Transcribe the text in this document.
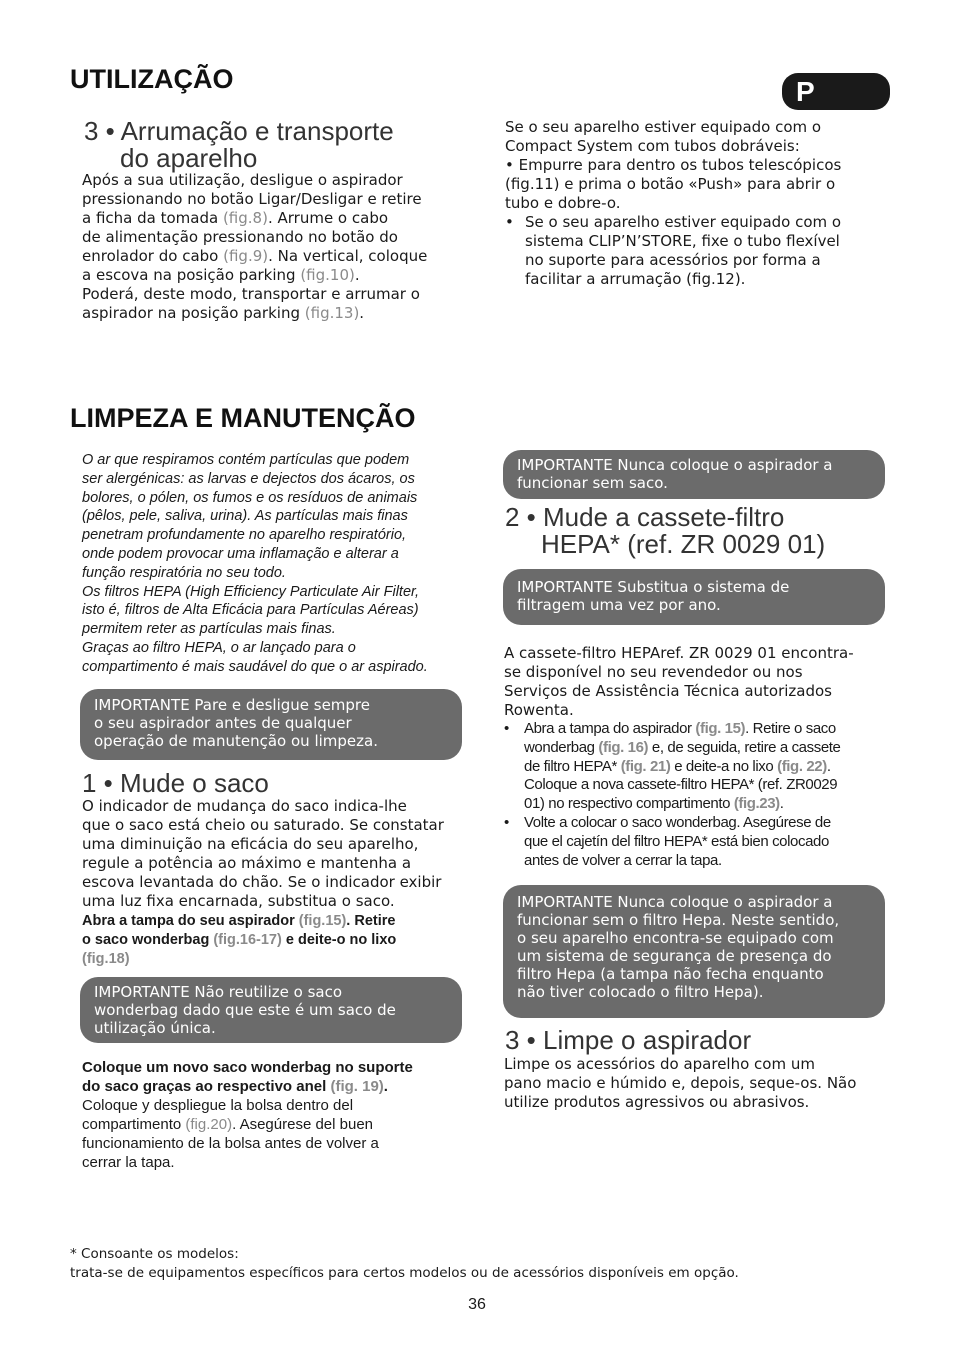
UTILIZAÇÃO	P
3 • Arrumação e transporte
do aparelho

Após a sua utilização, desligue o aspirador

pressionando no botão Ligar/Desligar e retire

a ficha da tomada (fig.8). Arrume o cabo

de alimentação pressionando no botão do

enrolador do cabo (fig.9). Na vertical, coloque

a escova na posição parking (fig.10).

Poderá, deste modo, transportar e arrumar o

aspirador na posição parking (fig.13).

Se o seu aparelho estiver equipado com o

Compact System com tubos dobráveis:

• Empurre para dentro os tubos telescópicos

(fig.11) e prima o botão «Push» para abrir o

tubo e dobre-o.

• Se o seu aparelho estiver equipado com o

sistema CLIP’N’STORE, fixe o tubo flexível

no suporte para acessórios por forma a

facilitar a arrumação (fig.12).

LIMPEZA E MANUTENÇÃO
O ar que respiramos contém partículas que podem
ser alergénicas: as larvas e dejectos dos ácaros, os
bolores, o pólen, os fumos e os resíduos de animais
(pêlos, pele, saliva, urina). As partículas mais finas
penetram profundamente no aparelho respiratório,
onde podem provocar uma inflamação e alterar a
função respiratória no seu todo.
Os filtros HEPA (High Efficiency Particulate Air Filter,
isto é, filtros de Alta Eficácia para Partículas Aéreas)
permitem reter as partículas mais finas.
Graças ao filtro HEPA, o ar lançado para o
compartimento é mais saudável do que o ar aspirado.
IMPORTANTE Pare e desligue sempre
o seu aspirador antes de qualquer
operação de manutenção ou limpeza.
1 • Mude o saco

O indicador de mudança do saco indica-lhe

que o saco está cheio ou saturado. Se constatar

uma diminuição na eficácia do seu aparelho,

regule a potência ao máximo e mantenha a

escova levantada do chão. Se o indicador exibir

uma luz fixa encarnada, substitua o saco.

Abra a tampa do seu aspirador (fig.15). Retire
o saco wonderbag (fig.16-17) e deite-o no lixo
(fig.18)
IMPORTANTE Não reutilize o saco
wonderbag dado que este é um saco de
utilização única.
Coloque um novo saco wonderbag no suporte
do saco graças ao respectivo anel (fig. 19).
Coloque y despliegue la bolsa dentro del
compartimento (fig.20). Asegúrese del buen
funcionamiento de la bolsa antes de volver a
cerrar la tapa.
IMPORTANTE Nunca coloque o aspirador a
funcionar sem saco.
2 • Mude a cassete-filtro
HEPA* (ref. ZR 0029 01)
IMPORTANTE Substitua o sistema de
filtragem uma vez por ano.

A cassete-filtro HEPAref. ZR 0029 01 encontra-

se disponível no seu revendedor ou nos

Serviços de Assistência Técnica autorizados

Rowenta.

• Abra a tampa do aspirador (fig. 15). Retire o saco
wonderbag (fig. 16) e, de seguida, retire a cassete
de filtro HEPA* (fig. 21) e deite-a no lixo (fig. 22).
Coloque a nova cassete-filtro HEPA* (ref. ZR0029
01) no respectivo compartimento (fig.23).
• Volte a colocar o saco wonderbag. Asegúrese de
que el cajetín del filtro HEPA* está bien colocado
antes de volver a cerrar la tapa.
IMPORTANTE Nunca coloque o aspirador a
funcionar sem o filtro Hepa. Neste sentido,
o seu aparelho encontra-se equipado com
um sistema de segurança de presença do
filtro Hepa (a tampa não fecha enquanto
não tiver colocado o filtro Hepa).
3 • Limpe o aspirador

Limpe os acessórios do aparelho com um

pano macio e húmido e, depois, seque-os. Não

utilize produtos agressivos ou abrasivos.

* Consoante os modelos:
trata-se de equipamentos específicos para certos modelos ou de acessórios disponíveis em opção.
36
